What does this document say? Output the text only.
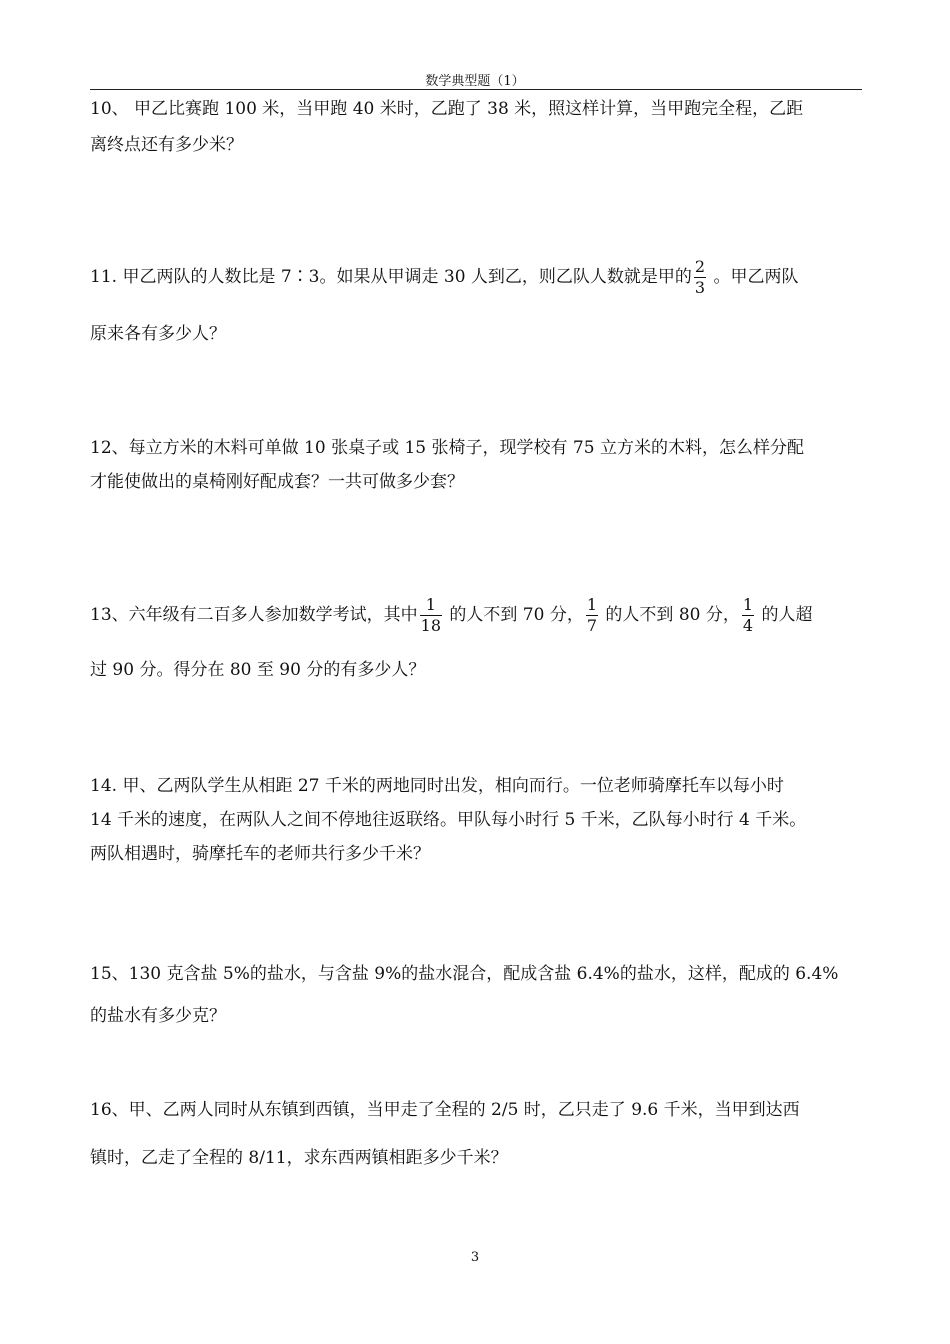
数学典型题（1）
10、 甲乙比赛跑 100 米，当甲跑 40 米时，乙跑了 38 米，照这样计算，当甲跑完全程，乙距
离终点还有多少米？
11. 甲乙两队的人数比是 7∶3。如果从甲调走 30 人到乙，则乙队人数就是甲的 $\frac{2}{3}$ 。甲乙两队
原来各有多少人？
12、每立方米的木料可单做 10 张桌子或 15 张椅子，现学校有 75 立方米的木料，怎么样分配
才能使做出的桌椅刚好配成套？一共可做多少套？
13、六年级有二百多人参加数学考试，其中 $\frac{1}{18}$ 的人不到 70 分， $\frac{1}{7}$ 的人不到 80 分， $\frac{1}{4}$ 的人超
过 90 分。得分在 80 至 90 分的有多少人？
14. 甲、乙两队学生从相距 27 千米的两地同时出发，相向而行。一位老师骑摩托车以每小时
14 千米的速度，在两队人之间不停地往返联络。甲队每小时行 5 千米，乙队每小时行 4 千米。
两队相遇时，骑摩托车的老师共行多少千米？
15、130 克含盐 5%的盐水，与含盐 9%的盐水混合，配成含盐 6.4%的盐水，这样，配成的 6.4%
的盐水有多少克？
16、甲、乙两人同时从东镇到西镇，当甲走了全程的 2/5 时，乙只走了 9.6 千米，当甲到达西
镇时，乙走了全程的 8/11，求东西两镇相距多少千米？
3
